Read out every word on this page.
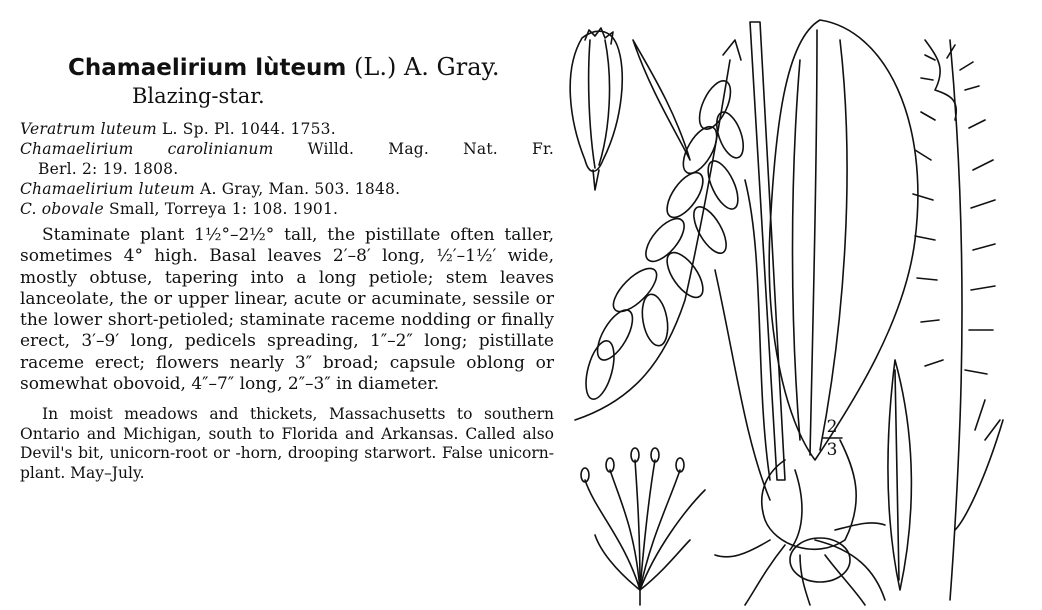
Chamaelirium lùteum (L.) A. Gray.

Blazing-star.

Veratrum luteum L. Sp. Pl. 1044. 1753.

Chamaelirium carolinianum Willd. Mag. Nat. Fr.

Berl. 2: 19. 1808.

Chamaelirium luteum A. Gray, Man. 503. 1848.

C. obovale Small, Torreya 1: 108. 1901.

Staminate plant 1½°–2½° tall, the pistillate often taller, sometimes 4° high. Basal leaves 2′–8′ long, ½′–1½′ wide, mostly obtuse, tapering into a long petiole; stem leaves lanceolate, the or upper linear, acute or acuminate, sessile or the lower short-petioled; staminate raceme nodding or finally erect, 3′–9′ long, pedicels spreading, 1″–2″ long; pistillate raceme erect; flowers nearly 3″ broad; capsule oblong or somewhat obovoid, 4″–7″ long, 2″–3″ in diameter.

In moist meadows and thickets, Massachusetts to southern Ontario and Michigan, south to Florida and Arkansas. Called also Devil's bit, unicorn-root or -horn, drooping starwort. False unicorn-plant. May–July.

2
3
